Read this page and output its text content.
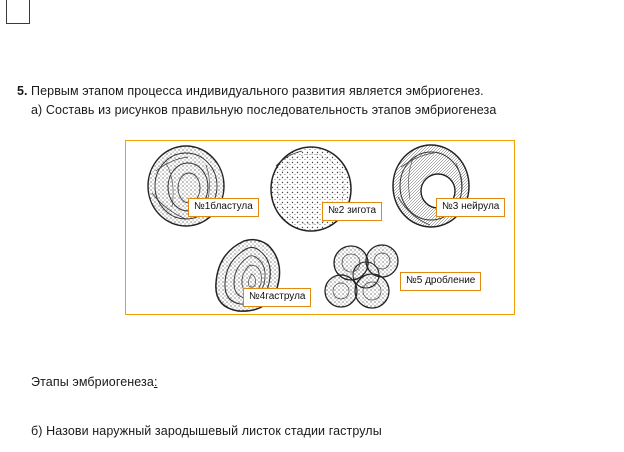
5. Первым этапом процесса индивидуального развития является эмбриогенез.
а) Составь из рисунков правильную последовательность этапов эмбриогенеза
№1бластула	№2 зигота	№3 нейрула
№4гаструла
№5 дробление
Этапы эмбриогенеза:
б) Назови наружный зародышевый листок стадии гаструлы
